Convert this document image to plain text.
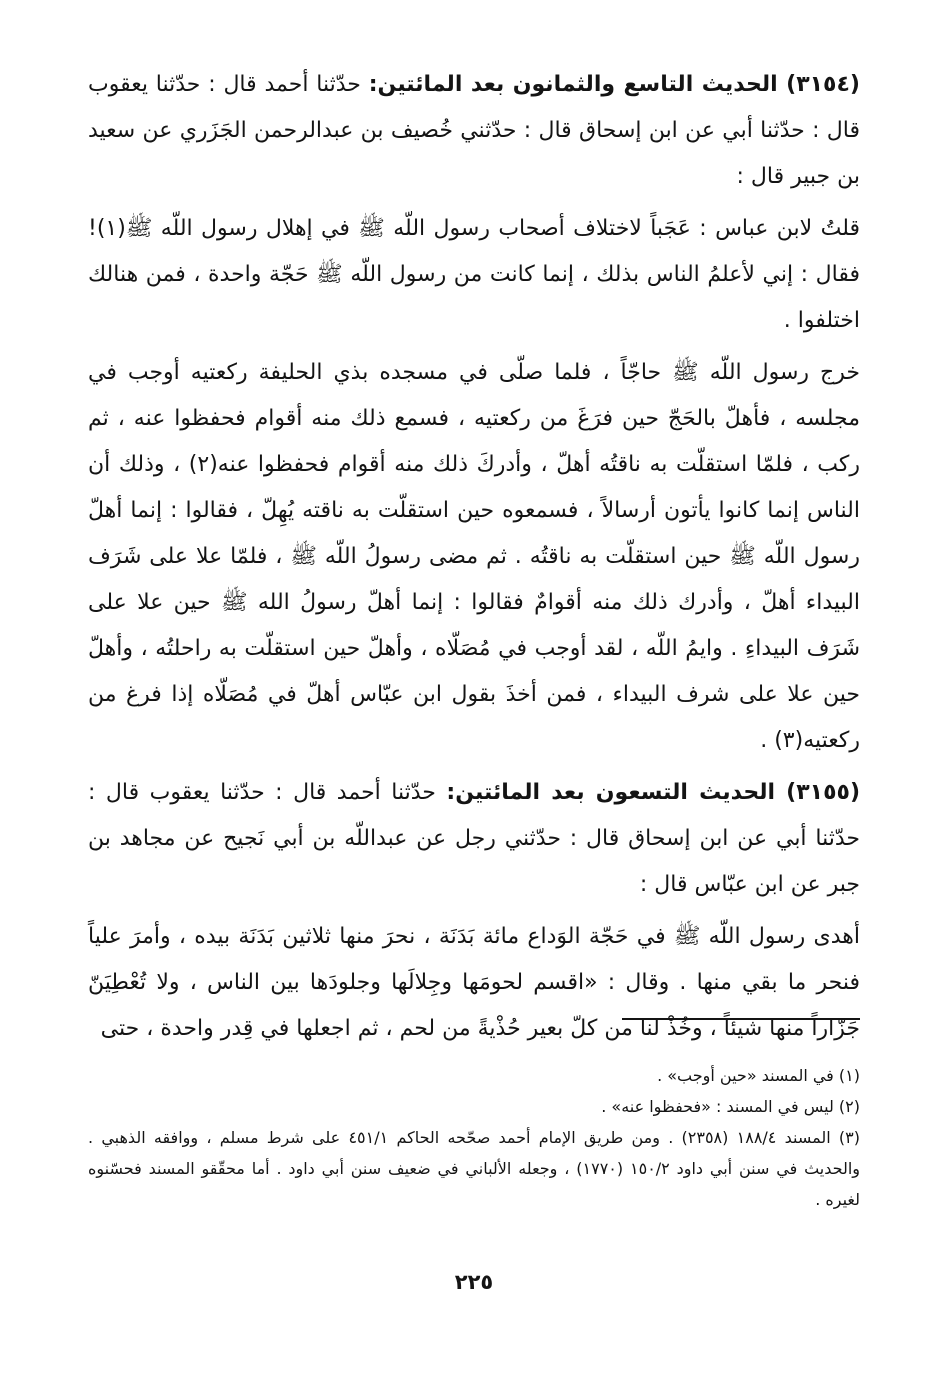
(٣١٥٤) الحديث التاسع والثمانون بعد المائتين: حدّثنا أحمد قال : حدّثنا يعقوب قال : حدّثنا أبي عن ابن إسحاق قال : حدّثني خُصيف بن عبدالرحمن الجَزَري عن سعيد بن جبير قال :

قلتُ لابن عباس : عَجَباً لاختلاف أصحاب رسول اللّه ﷺ في إهلال رسول اللّه ﷺ(١)! فقال : إني لأعلمُ الناس بذلك ، إنما كانت من رسول اللّه ﷺ حَجّة واحدة ، فمن هنالك اختلفوا .

خرج رسول اللّه ﷺ حاجّاً ، فلما صلّى في مسجده بذي الحليفة ركعتيه أوجب في مجلسه ، فأهلّ بالحَجّ حين فرَغَ من ركعتيه ، فسمع ذلك منه أقوام فحفظوا عنه ، ثم ركب ، فلمّا استقلّت به ناقتُه أهلّ ، وأدركَ ذلك منه أقوام فحفظوا عنه(٢) ، وذلك أن الناس إنما كانوا يأتون أرسالاً ، فسمعوه حين استقلّت به ناقته يُهِلّ ، فقالوا : إنما أهلّ رسول اللّه ﷺ حين استقلّت به ناقتُه . ثم مضى رسولُ اللّه ﷺ ، فلمّا علا على شَرَف البيداء أهلّ ، وأدرك ذلك منه أقوامٌ فقالوا : إنما أهلّ رسولُ الله ﷺ حين علا على شَرَف البيداءِ . وايمُ اللّه ، لقد أوجب في مُصَلّاه ، وأهلّ حين استقلّت به راحلتُه ، وأهلّ حين علا على شرف البيداء ، فمن أخذَ بقول ابن عبّاس أهلّ في مُصَلّاه إذا فرغ من ركعتيه(٣) .

(٣١٥٥) الحديث التسعون بعد المائتين: حدّثنا أحمد قال : حدّثنا يعقوب قال : حدّثنا أبي عن ابن إسحاق قال : حدّثني رجل عن عبداللّه بن أبي نَجيح عن مجاهد بن جبر عن ابن عبّاس قال :

أهدى رسول اللّه ﷺ في حَجّة الوَداع مائة بَدَنَة ، نحرَ منها ثلاثين بَدَنَة بيده ، وأمرَ علياً فنحر ما بقي منها . وقال : «اقسم لحومَها وجِلالَها وجلودَها بين الناس ، ولا تُعْطِيَنّ جَزّاراً منها شيئاً ، وخُذْ لنا من كلّ بعير حُذْيةً من لحم ، ثم اجعلها في قِدر واحدة ، حتى

(١) في المسند «حين أوجب» .

(٢) ليس في المسند : «فحفظوا عنه» .

(٣) المسند ١٨٨/٤ (٢٣٥٨) . ومن طريق الإمام أحمد صحّحه الحاكم ٤٥١/١ على شرط مسلم ، ووافقه الذهبي . والحديث في سنن أبي داود ١٥٠/٢ (١٧٧٠) ، وجعله الألباني في ضعيف سنن أبي داود . أما محقّقو المسند فحسّنوه لغيره .

٢٢٥
